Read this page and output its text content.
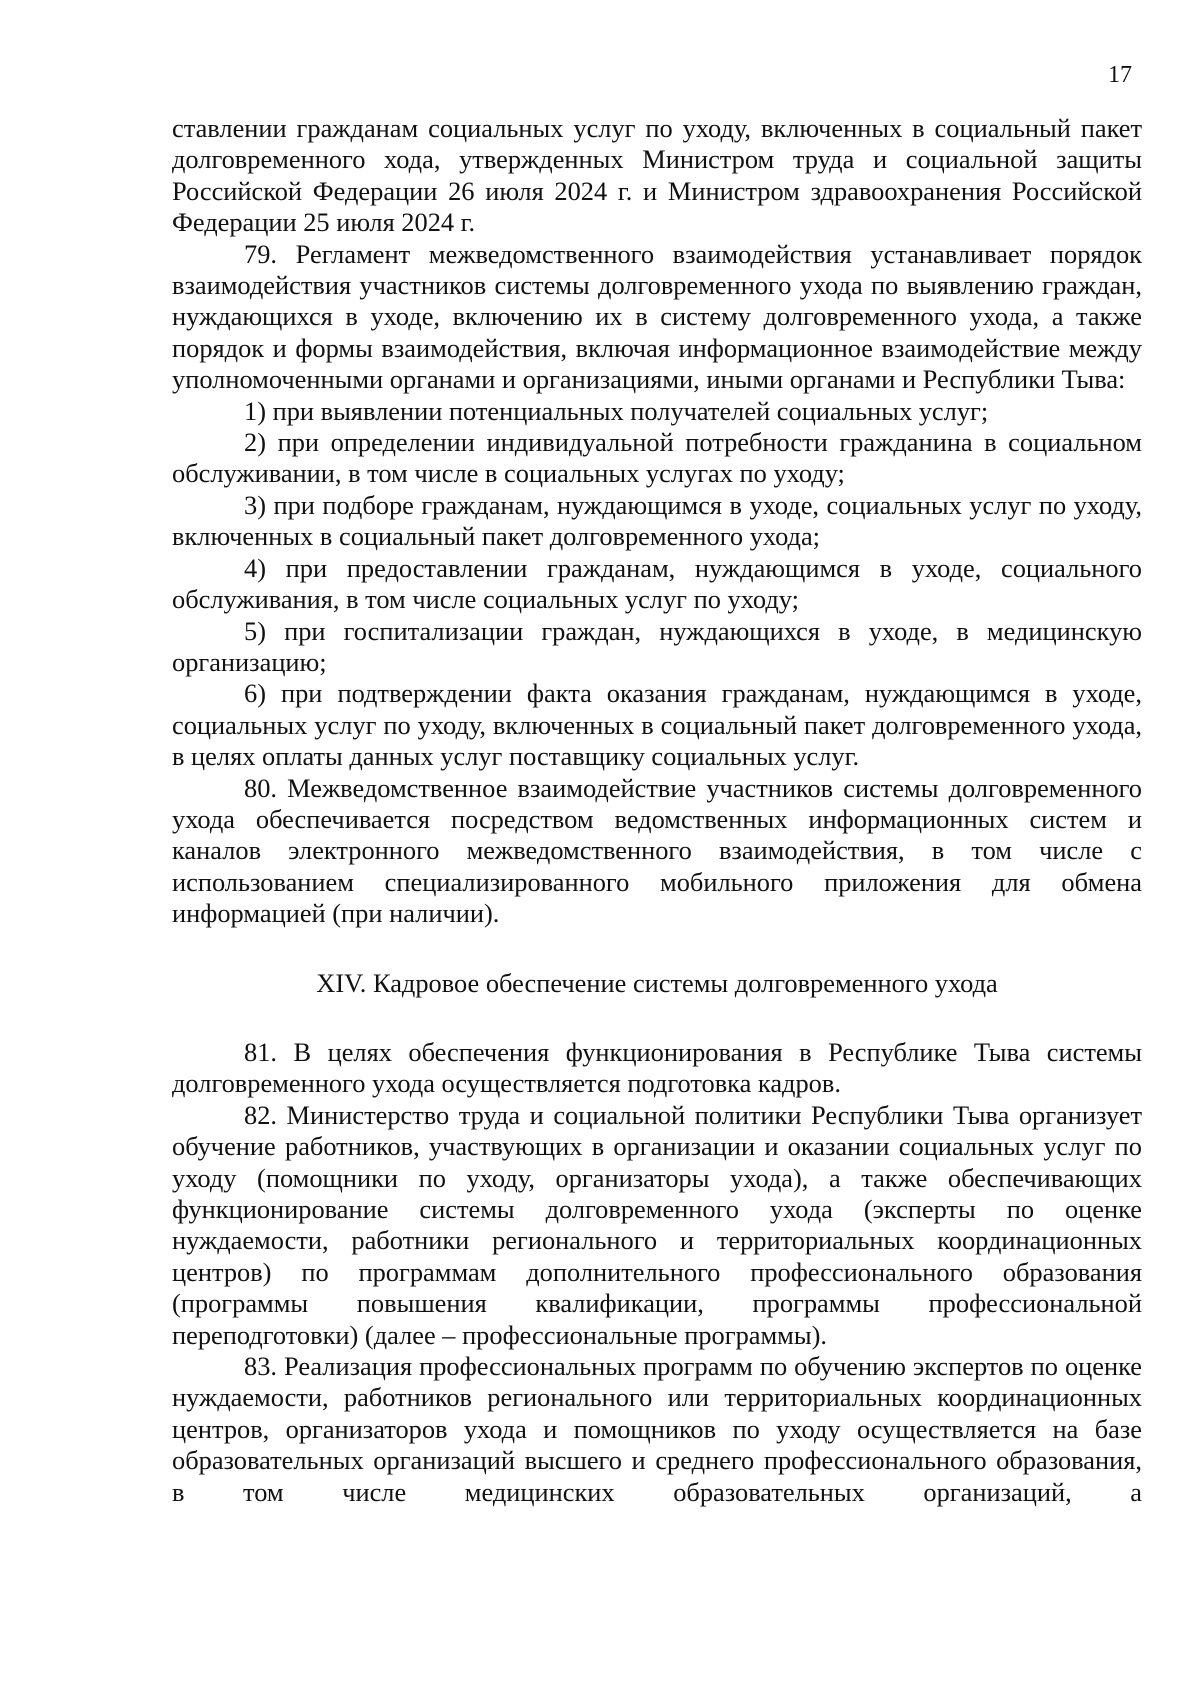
17

ставлении гражданам социальных услуг по уходу, включенных в социальный пакет долговременного хода, утвержденных Министром труда и социальной защиты Российской Федерации 26 июля 2024 г. и Министром здравоохранения Российской Федерации 25 июля 2024 г.

79. Регламент межведомственного взаимодействия устанавливает порядок взаимодействия участников системы долговременного ухода по выявлению граждан, нуждающихся в уходе, включению их в систему долговременного ухода, а также порядок и формы взаимодействия, включая информационное взаимодействие между уполномоченными органами и организациями, иными органами и Республики Тыва:

1) при выявлении потенциальных получателей социальных услуг;

2) при определении индивидуальной потребности гражданина в социальном обслуживании, в том числе в социальных услугах по уходу;

3) при подборе гражданам, нуждающимся в уходе, социальных услуг по уходу, включенных в социальный пакет долговременного ухода;

4) при предоставлении гражданам, нуждающимся в уходе, социального обслуживания, в том числе социальных услуг по уходу;

5) при госпитализации граждан, нуждающихся в уходе, в медицинскую организацию;

6) при подтверждении факта оказания гражданам, нуждающимся в уходе, социальных услуг по уходу, включенных в социальный пакет долговременного ухода, в целях оплаты данных услуг поставщику социальных услуг.

80. Межведомственное взаимодействие участников системы долговременного ухода обеспечивается посредством ведомственных информационных систем и каналов электронного межведомственного взаимодействия, в том числе с использованием специализированного мобильного приложения для обмена информацией (при наличии).

XIV. Кадровое обеспечение системы долговременного ухода

81. В целях обеспечения функционирования в Республике Тыва системы долговременного ухода осуществляется подготовка кадров.

82. Министерство труда и социальной политики Республики Тыва организует обучение работников, участвующих в организации и оказании социальных услуг по уходу (помощники по уходу, организаторы ухода), а также обеспечивающих функционирование системы долговременного ухода (эксперты по оценке нуждаемости, работники регионального и территориальных координационных центров) по программам дополнительного профессионального образования (программы повышения квалификации, программы профессиональной переподготовки) (далее – профессиональные программы).

83. Реализация профессиональных программ по обучению экспертов по оценке нуждаемости, работников регионального или территориальных координационных центров, организаторов ухода и помощников по уходу осуществляется на базе образовательных организаций высшего и среднего профессионального образования, в том числе медицинских образовательных организаций, а
